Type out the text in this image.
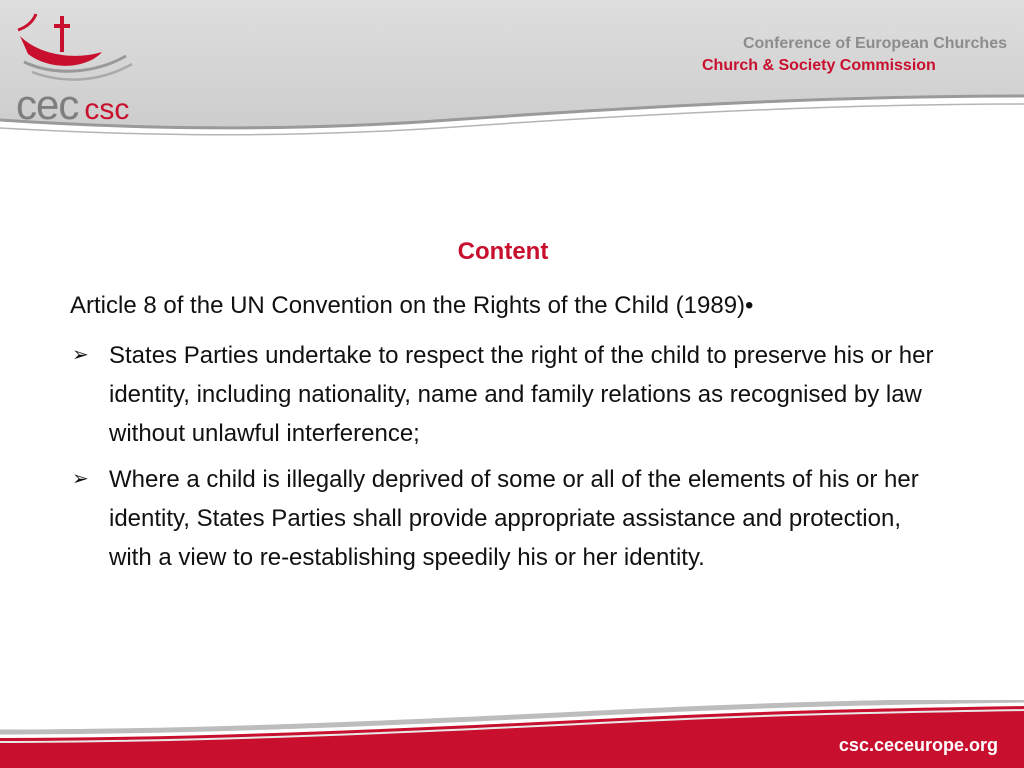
cec csc
Conference of European Churches
Church & Society Commission
Content
Article 8 of the UN Convention on the Rights of the Child (1989)•
➢ States Parties undertake to respect the right of the child to preserve his or her identity, including nationality, name and family relations as recognised by law without unlawful interference;
➢ Where a child is illegally deprived of some or all of the elements of his or her identity, States Parties shall provide appropriate assistance and protection, with a view to re-establishing speedily his or her identity.
csc.ceceurope.org
